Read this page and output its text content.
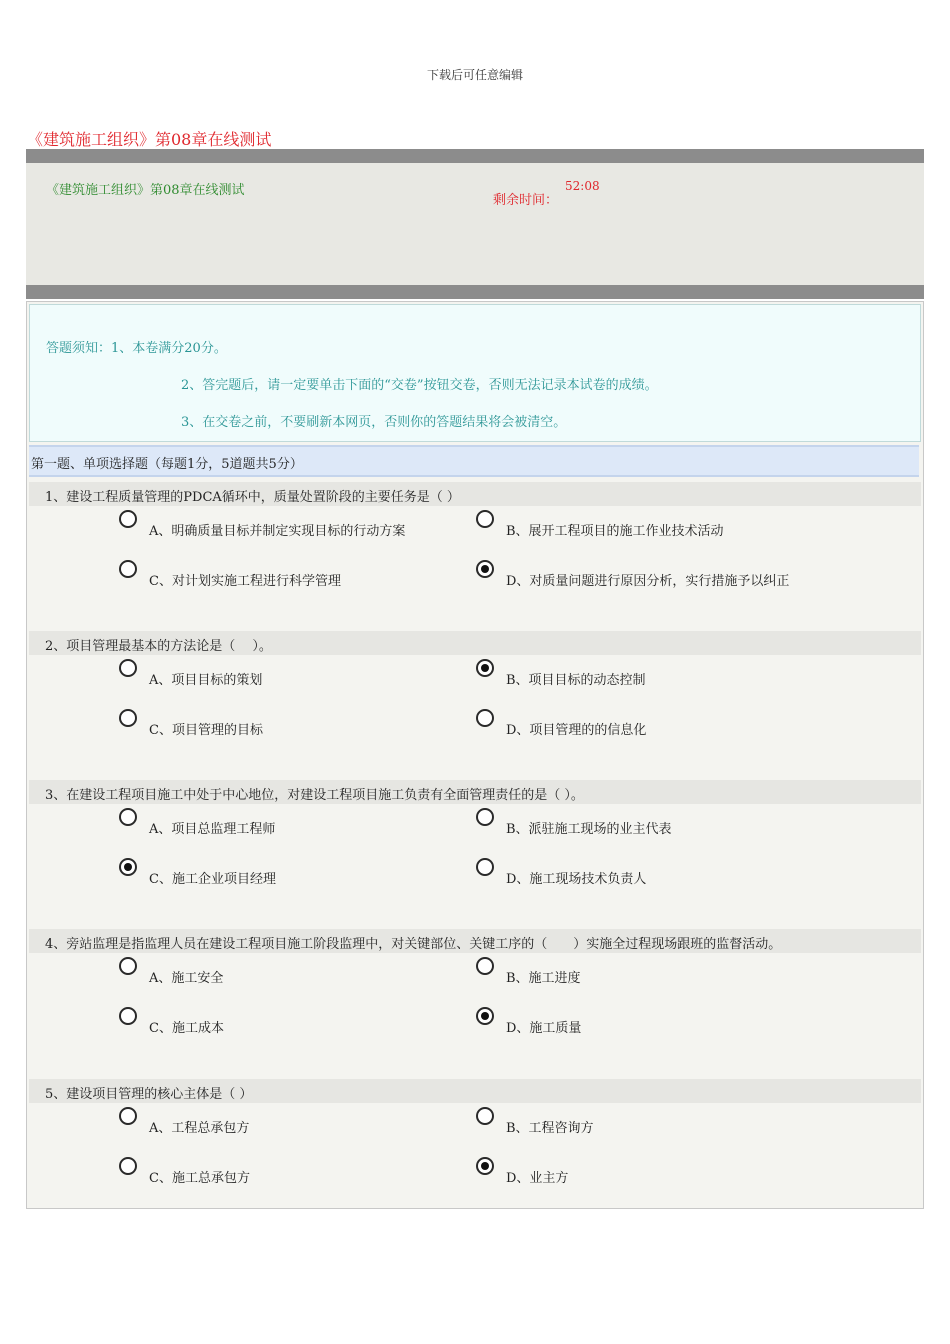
下载后可任意编辑
《建筑施工组织》第08章在线测试
《建筑施工组织》第08章在线测试
剩余时间：
52:08
答题须知：1、本卷满分20分。
2、答完题后，请一定要单击下面的“交卷”按钮交卷，否则无法记录本试卷的成绩。
3、在交卷之前，不要刷新本网页，否则你的答题结果将会被清空。
第一题、单项选择题（每题1分，5道题共5分）
1、建设工程质量管理的PDCA循环中，质量处置阶段的主要任务是（ ）
A、明确质量目标并制定实现目标的行动方案	B、展开工程项目的施工作业技术活动
C、对计划实施工程进行科学管理	D、对质量问题进行原因分析，实行措施予以纠正
2、项目管理最基本的方法论是（　 ）。
A、项目目标的策划	B、项目目标的动态控制
C、项目管理的目标	D、项目管理的的信息化
3、在建设工程项目施工中处于中心地位，对建设工程项目施工负责有全面管理责任的是（ ）。
A、项目总监理工程师	B、派驻施工现场的业主代表
C、施工企业项目经理	D、施工现场技术负责人
4、旁站监理是指监理人员在建设工程项目施工阶段监理中，对关键部位、关键工序的（　　）实施全过程现场跟班的监督活动。
A、施工安全	B、施工进度
C、施工成本	D、施工质量
5、建设项目管理的核心主体是（ ）
A、工程总承包方	B、工程咨询方
C、施工总承包方	D、业主方
